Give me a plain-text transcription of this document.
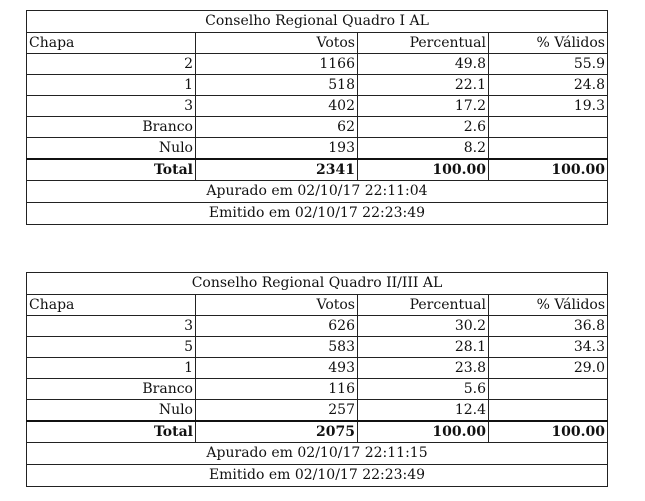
Conselho Regional Quadro I AL			
Chapa	Votos	Percentual	% Válidos
2	1166	49.8	55.9
1	518	22.1	24.8
3	402	17.2	19.3
Branco	62	2.6	
Nulo	193	8.2	
Total	2341	100.00	100.00
Apurado em 02/10/17 22:11:04			
Emitido em 02/10/17 22:23:49			
Conselho Regional Quadro II/III AL			
Chapa	Votos	Percentual	% Válidos
3	626	30.2	36.8
5	583	28.1	34.3
1	493	23.8	29.0
Branco	116	5.6	
Nulo	257	12.4	
Total	2075	100.00	100.00
Apurado em 02/10/17 22:11:15			
Emitido em 02/10/17 22:23:49			
